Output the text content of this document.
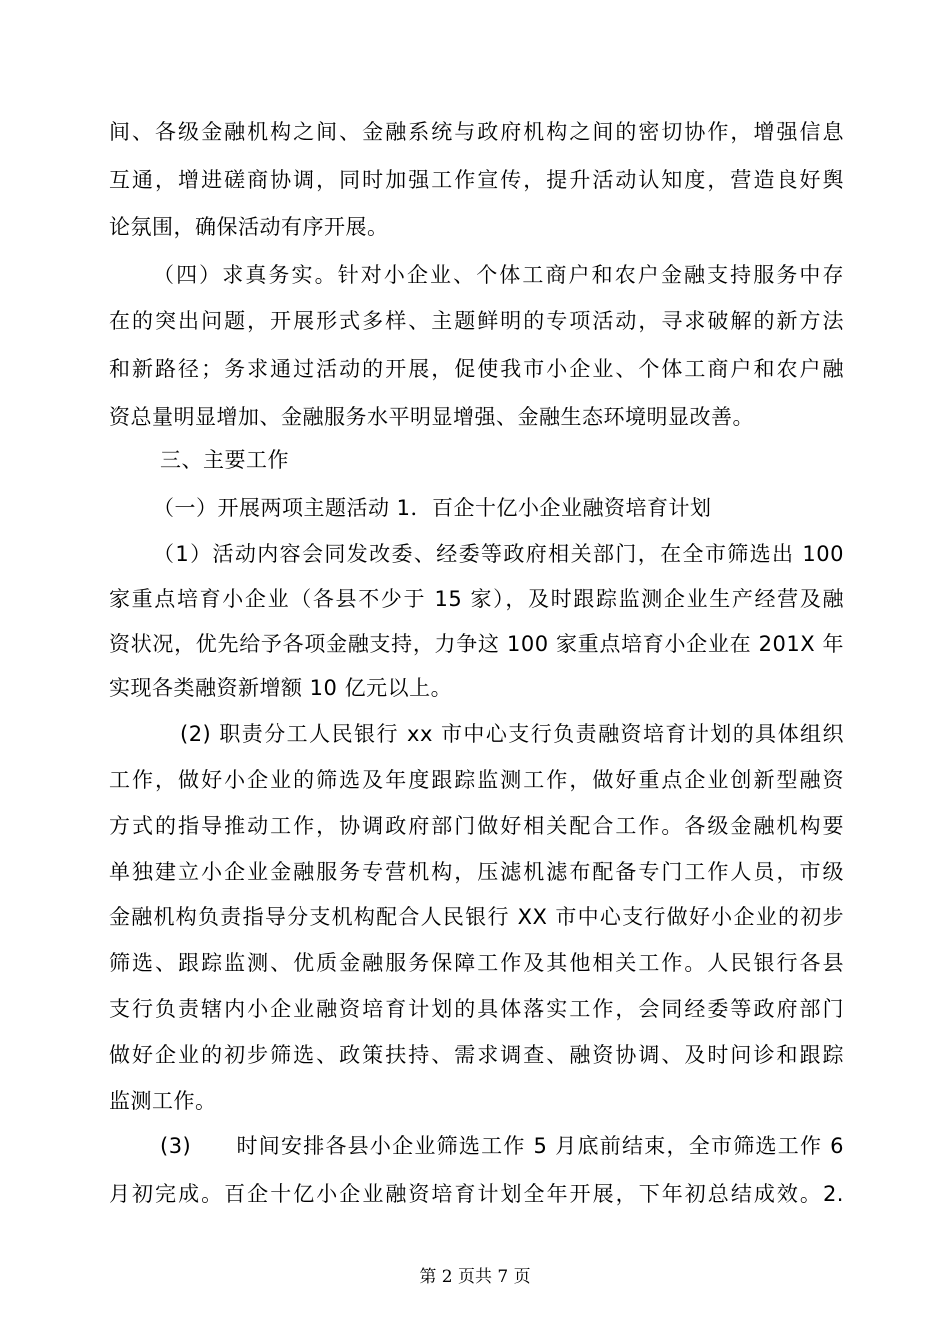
间、各级金融机构之间、金融系统与政府机构之间的密切协作，增强信息
互通，增进磋商协调，同时加强工作宣传，提升活动认知度，营造良好舆
论氛围，确保活动有序开展。
（四）求真务实。针对小企业、个体工商户和农户金融支持服务中存
在的突出问题，开展形式多样、主题鲜明的专项活动，寻求破解的新方法
和新路径；务求通过活动的开展，促使我市小企业、个体工商户和农户融
资总量明显增加、金融服务水平明显增强、金融生态环境明显改善。
三、主要工作
（一）开展两项主题活动 1．百企十亿小企业融资培育计划
（1）活动内容会同发改委、经委等政府相关部门，在全市筛选出 100
家重点培育小企业（各县不少于 15 家），及时跟踪监测企业生产经营及融
资状况，优先给予各项金融支持，力争这 100 家重点培育小企业在 201X 年
实现各类融资新增额 10 亿元以上。
(2) 职责分工人民银行 xx 市中心支行负责融资培育计划的具体组织
工作，做好小企业的筛选及年度跟踪监测工作，做好重点企业创新型融资
方式的指导推动工作，协调政府部门做好相关配合工作。各级金融机构要
单独建立小企业金融服务专营机构，压滤机滤布配备专门工作人员，市级
金融机构负责指导分支机构配合人民银行 XX 市中心支行做好小企业的初步
筛选、跟踪监测、优质金融服务保障工作及其他相关工作。人民银行各县
支行负责辖内小企业融资培育计划的具体落实工作，会同经委等政府部门
做好企业的初步筛选、政策扶持、需求调查、融资协调、及时问诊和跟踪
监测工作。
(3)　　时间安排各县小企业筛选工作 5 月底前结束，全市筛选工作 6
月初完成。百企十亿小企业融资培育计划全年开展，下年初总结成效。2.
第 2 页共 7 页
